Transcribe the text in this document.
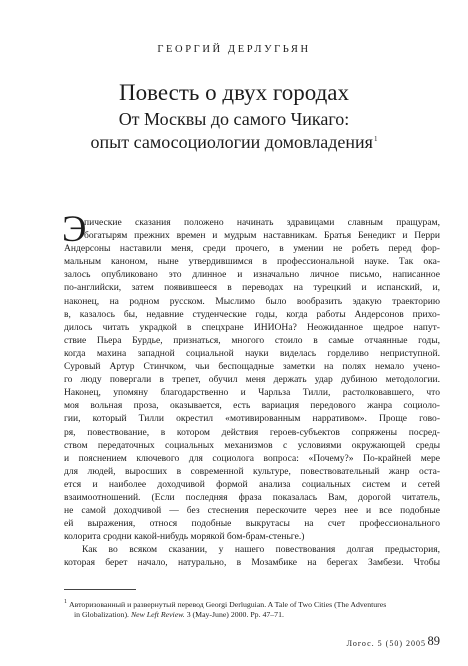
ГЕОРГИЙ ДЕРЛУГЬЯН
Повесть о двух городах
От Москвы до самого Чикаго:
опыт самосоциологии домовладения$^1$
Э
пические сказания положено начинать здравицами славным пращурам,
богатырям прежних времен и мудрым наставникам. Братья Бенедикт и Перри
Андерсоны наставили меня, среди прочего, в умении не робеть перед фор-
мальным каноном, ныне утвердившимся в профессиональной науке. Так ока-
залось опубликовано это длинное и изначально личное письмо, написанное
по-английски, затем появившееся в переводах на турецкий и испанский, и,
наконец, на родном русском. Мыслимо было вообразить эдакую траекторию
в, казалось бы, недавние студенческие годы, когда работы Андерсонов прихо-
дилось читать украдкой в спецхране ИНИОНа? Неожиданное щедрое напут-
ствие Пьера Бурдье, признаться, многого стоило в самые отчаянные годы,
когда махина западной социальной науки виделась горделиво неприступной.
Суровый Артур Стинчком, чьи беспощадные заметки на полях немало учено-
го люду повергали в трепет, обучил меня держать удар дубиною методологии.
Наконец, упомяну благодарственно и Чарльза Тилли, растолковавшего, что
моя вольная проза, оказывается, есть вариация передового жанра социоло-
гии, который Тилли окрестил «мотивированным нарративом». Проще гово-
ря, повествование, в котором действия героев-субъектов сопряжены посред-
ством передаточных социальных механизмов с условиями окружающей среды
и пояснением ключевого для социолога вопроса: «Почему?» По-крайней мере
для людей, выросших в современной культуре, повествовательный жанр оста-
ется и наиболее доходчивой формой анализа социальных систем и сетей
взаимоотношений. (Если последняя фраза показалась Вам, дорогой читатель,
не самой доходчивой — без стеснения перескочите через нее и все подобные
ей выражения, относя подобные выкрутасы на счет профессионального
колорита сродни какой-нибудь морякой бом-брам-стеньге.)
Как во всяком сказании, у нашего повествования долгая предыстория,
которая берет начало, натурально, в Мозамбике на берегах Замбези. Чтобы
$^1$ Авторизованный и развернутый перевод Georgi Derluguian. A Tale of Two Cities (The Adventures
in Globalization). New Left Review. 3 (May-June) 2000. Pp. 47–71.
Логос. 5 (50) 2005 89
